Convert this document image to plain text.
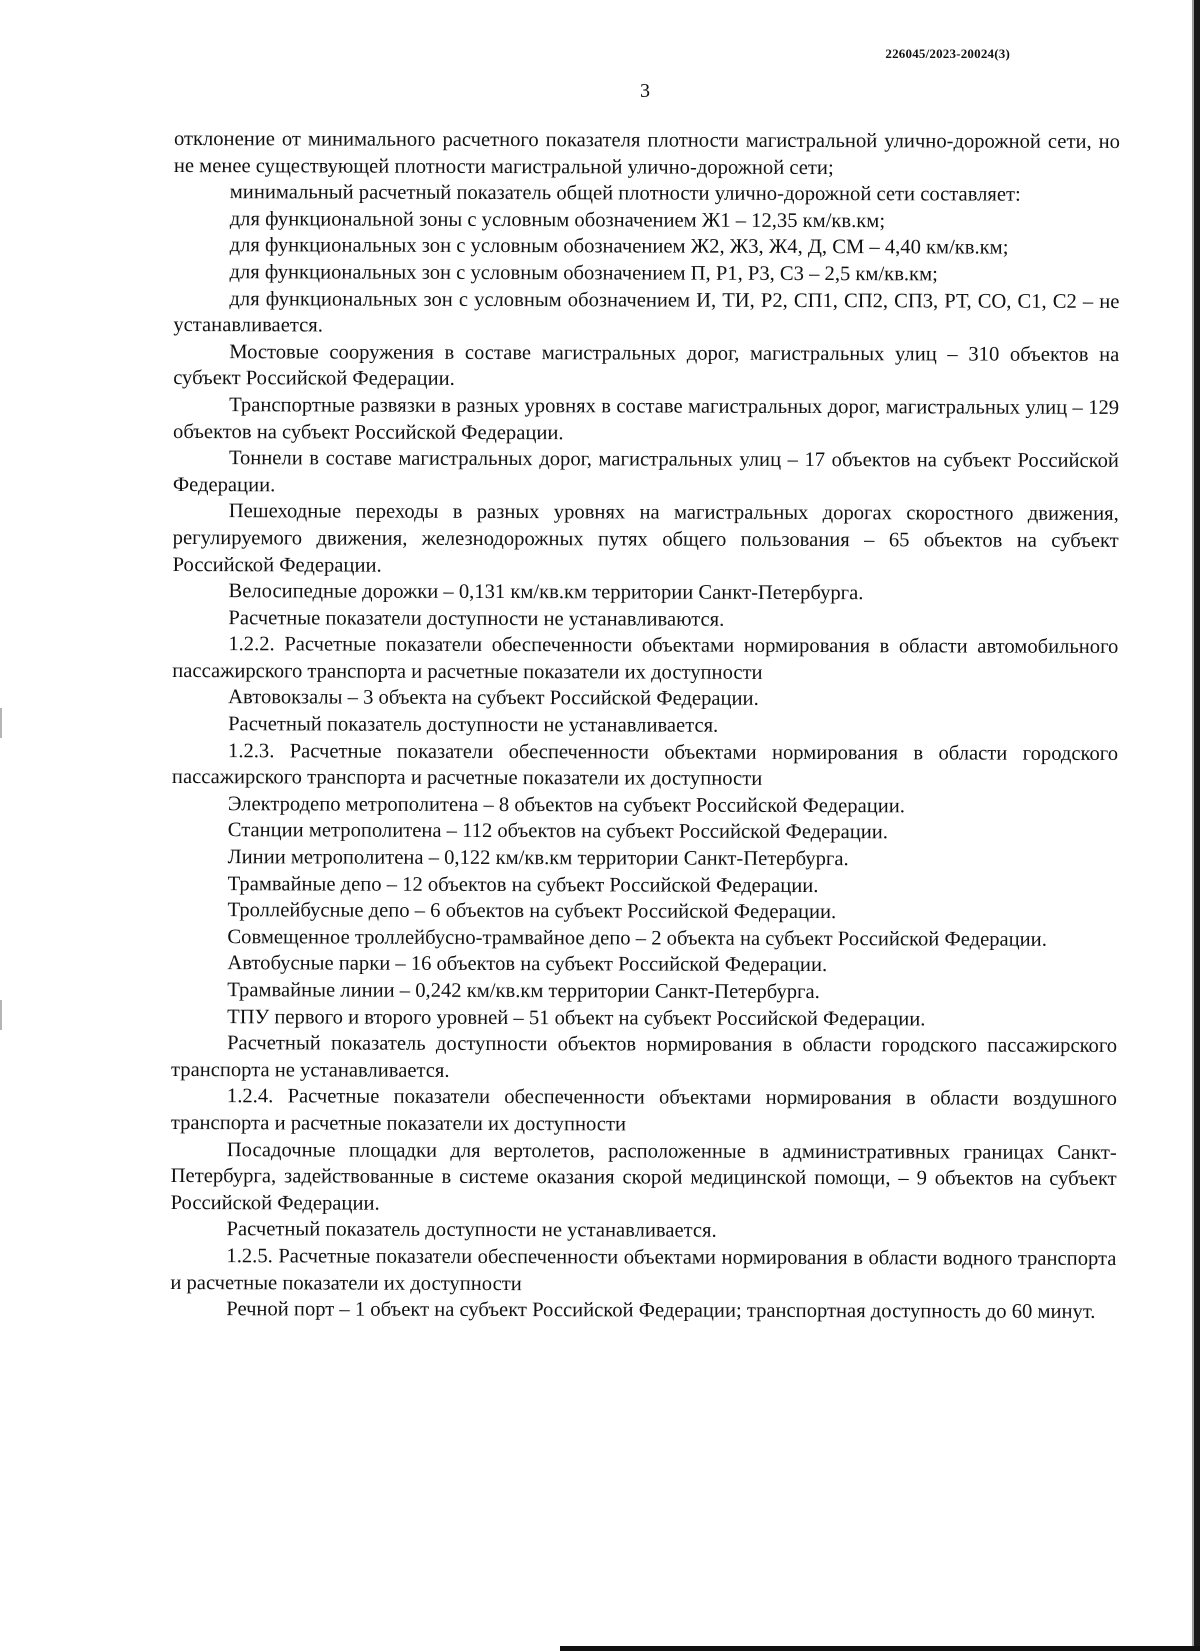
226045/2023-20024(3)
3

отклонение от минимального расчетного показателя плотности магистральной улично-дорожной сети, но не менее существующей плотности магистральной улично-дорожной сети;

минимальный расчетный показатель общей плотности улично-дорожной сети составляет:

для функциональной зоны с условным обозначением Ж1 – 12,35 км/кв.км;

для функциональных зон с условным обозначением Ж2, Ж3, Ж4, Д, СМ – 4,40 км/кв.км;

для функциональных зон с условным обозначением П, Р1, Р3, С3 – 2,5 км/кв.км;

для функциональных зон с условным обозначением И, ТИ, Р2, СП1, СП2, СП3, РТ, СО, С1, С2 – не устанавливается.

Мостовые сооружения в составе магистральных дорог, магистральных улиц – 310 объектов на субъект Российской Федерации.

Транспортные развязки в разных уровнях в составе магистральных дорог, магистральных улиц – 129 объектов на субъект Российской Федерации.

Тоннели в составе магистральных дорог, магистральных улиц – 17 объектов на субъект Российской Федерации.

Пешеходные переходы в разных уровнях на магистральных дорогах скоростного движения, регулируемого движения, железнодорожных путях общего пользования – 65 объектов на субъект Российской Федерации.

Велосипедные дорожки – 0,131 км/кв.км территории Санкт-Петербурга.

Расчетные показатели доступности не устанавливаются.

1.2.2. Расчетные показатели обеспеченности объектами нормирования в области автомобильного пассажирского транспорта и расчетные показатели их доступности

Автовокзалы – 3 объекта на субъект Российской Федерации.

Расчетный показатель доступности не устанавливается.

1.2.3. Расчетные показатели обеспеченности объектами нормирования в области городского пассажирского транспорта и расчетные показатели их доступности

Электродепо метрополитена – 8 объектов на субъект Российской Федерации.

Станции метрополитена – 112 объектов на субъект Российской Федерации.

Линии метрополитена – 0,122 км/кв.км территории Санкт-Петербурга.

Трамвайные депо – 12 объектов на субъект Российской Федерации.

Троллейбусные депо – 6 объектов на субъект Российской Федерации.

Совмещенное троллейбусно-трамвайное депо – 2 объекта на субъект Российской Федерации.

Автобусные парки – 16 объектов на субъект Российской Федерации.

Трамвайные линии – 0,242 км/кв.км территории Санкт-Петербурга.

ТПУ первого и второго уровней – 51 объект на субъект Российской Федерации.

Расчетный показатель доступности объектов нормирования в области городского пассажирского транспорта не устанавливается.

1.2.4. Расчетные показатели обеспеченности объектами нормирования в области воздушного транспорта и расчетные показатели их доступности

Посадочные площадки для вертолетов, расположенные в административных границах Санкт-Петербурга, задействованные в системе оказания скорой медицинской помощи, – 9 объектов на субъект Российской Федерации.

Расчетный показатель доступности не устанавливается.

1.2.5. Расчетные показатели обеспеченности объектами нормирования в области водного транспорта и расчетные показатели их доступности

Речной порт – 1 объект на субъект Российской Федерации; транспортная доступность до 60 минут.
